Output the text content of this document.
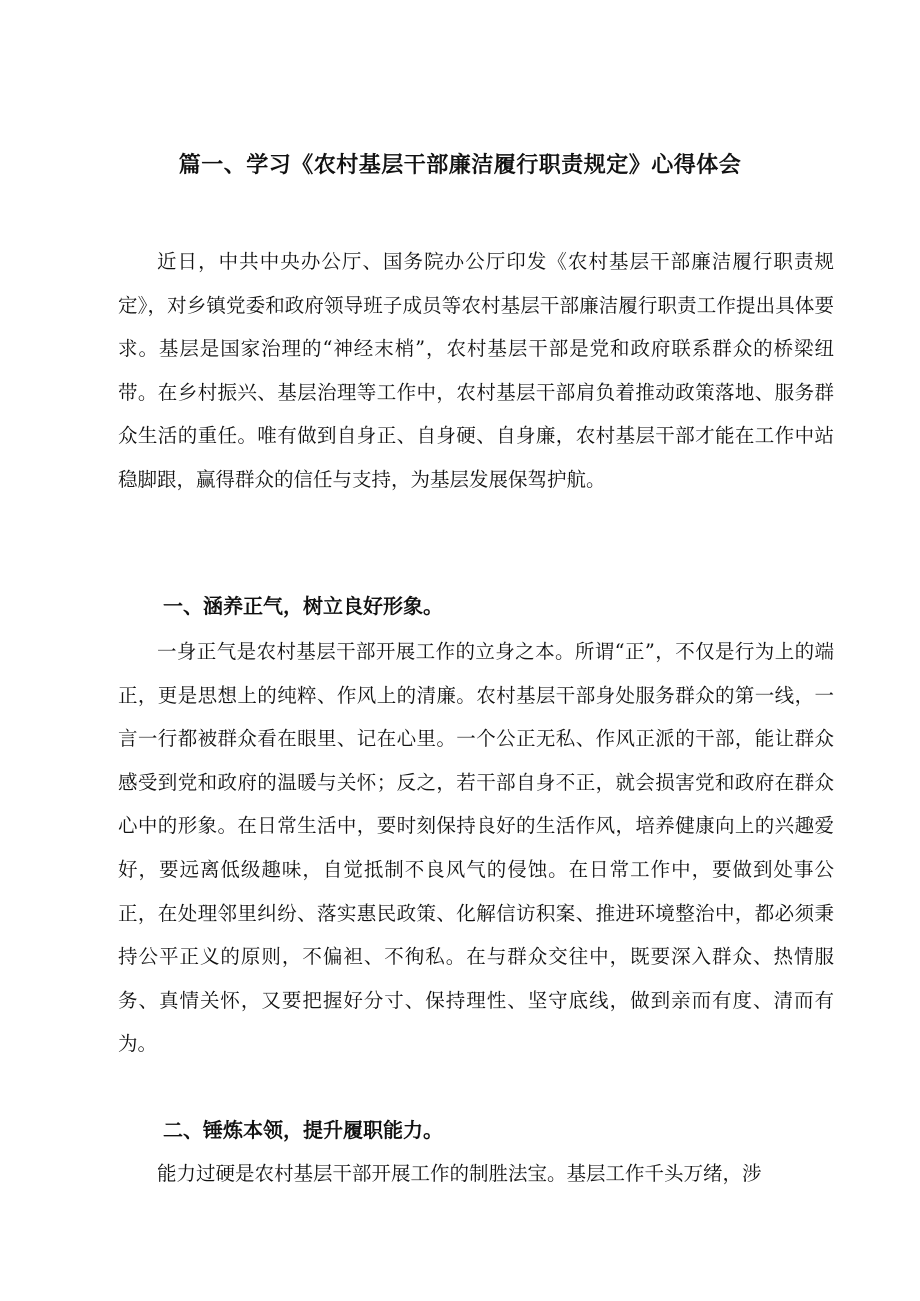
篇一、学习《农村基层干部廉洁履行职责规定》心得体会

近日，中共中央办公厅、国务院办公厅印发《农村基层干部廉洁履行职责规定》，对乡镇党委和政府领导班子成员等农村基层干部廉洁履行职责工作提出具体要求。基层是国家治理的“神经末梢”，农村基层干部是党和政府联系群众的桥梁纽带。在乡村振兴、基层治理等工作中，农村基层干部肩负着推动政策落地、服务群众生活的重任。唯有做到自身正、自身硬、自身廉，农村基层干部才能在工作中站稳脚跟，赢得群众的信任与支持，为基层发展保驾护航。

一、涵养正气，树立良好形象。

一身正气是农村基层干部开展工作的立身之本。所谓“正”，不仅是行为上的端正，更是思想上的纯粹、作风上的清廉。农村基层干部身处服务群众的第一线，一言一行都被群众看在眼里、记在心里。一个公正无私、作风正派的干部，能让群众感受到党和政府的温暖与关怀；反之，若干部自身不正，就会损害党和政府在群众心中的形象。在日常生活中，要时刻保持良好的生活作风，培养健康向上的兴趣爱好，要远离低级趣味，自觉抵制不良风气的侵蚀。在日常工作中，要做到处事公正，在处理邻里纠纷、落实惠民政策、化解信访积案、推进环境整治中，都必须秉持公平正义的原则，不偏袒、不徇私。在与群众交往中，既要深入群众、热情服务、真情关怀，又要把握好分寸、保持理性、坚守底线，做到亲而有度、清而有为。

二、锤炼本领，提升履职能力。

能力过硬是农村基层干部开展工作的制胜法宝。基层工作千头万绪，涉
